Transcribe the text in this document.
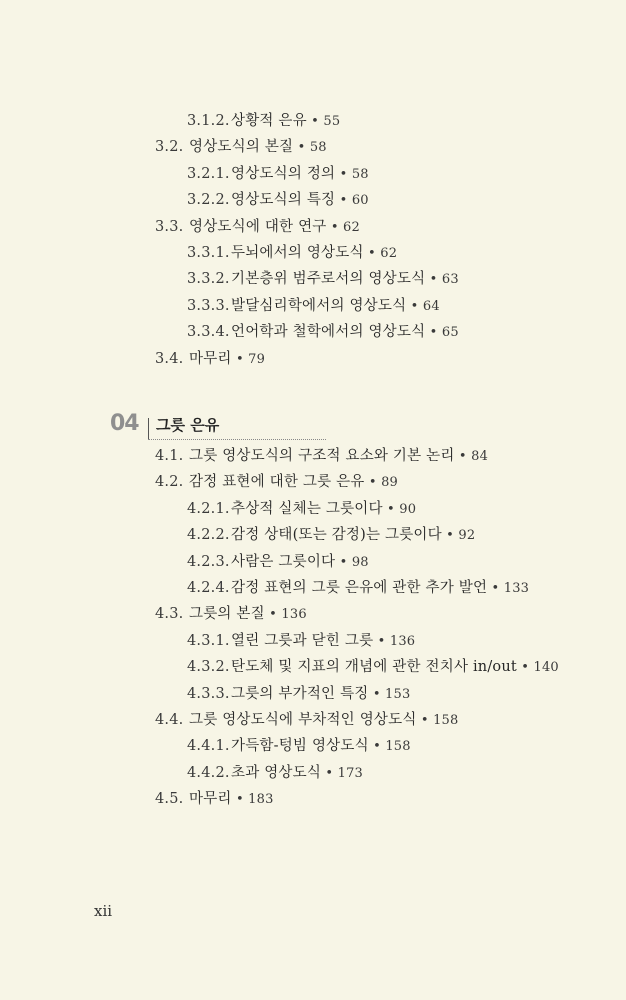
3.1.2.상황적 은유 • 55
3.2. 영상도식의 본질 • 58
3.2.1.영상도식의 정의 • 58
3.2.2.영상도식의 특징 • 60
3.3. 영상도식에 대한 연구 • 62
3.3.1.두뇌에서의 영상도식 • 62
3.3.2.기본층위 범주로서의 영상도식 • 63
3.3.3.발달심리학에서의 영상도식 • 64
3.3.4.언어학과 철학에서의 영상도식 • 65
3.4. 마무리 • 79
04 그릇 은유
4.1. 그릇 영상도식의 구조적 요소와 기본 논리 • 84
4.2. 감정 표현에 대한 그릇 은유 • 89
4.2.1.추상적 실체는 그릇이다 • 90
4.2.2.감정 상태(또는 감정)는 그릇이다 • 92
4.2.3.사람은 그릇이다 • 98
4.2.4.감정 표현의 그릇 은유에 관한 추가 발언 • 133
4.3. 그릇의 본질 • 136
4.3.1.열린 그릇과 닫힌 그릇 • 136
4.3.2.탄도체 및 지표의 개념에 관한 전치사 in/out • 140
4.3.3.그릇의 부가적인 특징 • 153
4.4. 그릇 영상도식에 부차적인 영상도식 • 158
4.4.1.가득함-텅빔 영상도식 • 158
4.4.2.초과 영상도식 • 173
4.5. 마무리 • 183
xii
